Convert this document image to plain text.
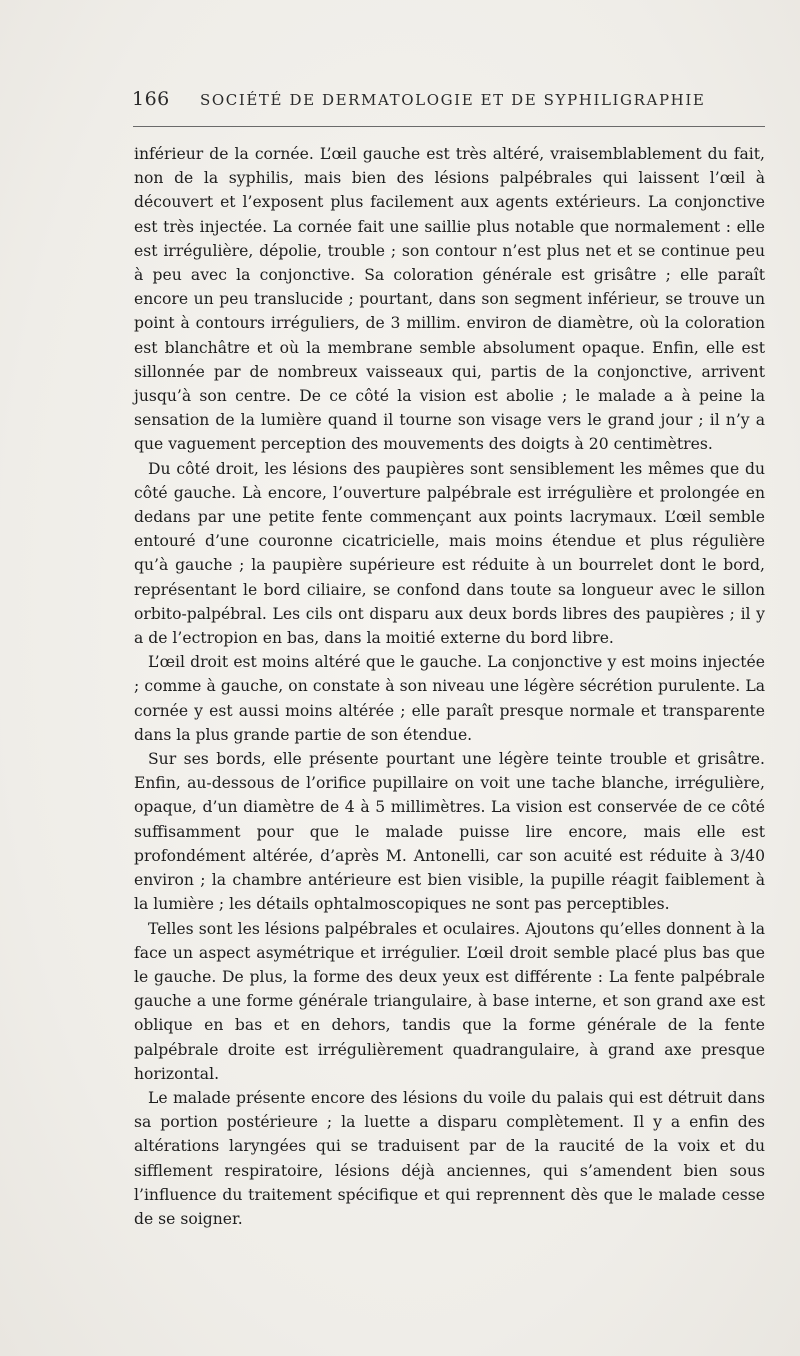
166 SOCIÉTÉ DE DERMATOLOGIE ET DE SYPHILIGRAPHIE

inférieur de la cornée. L’œil gauche est très altéré, vraisemblablement du fait, non de la syphilis, mais bien des lésions palpébrales qui laissent l’œil à découvert et l’exposent plus facilement aux agents extérieurs. La conjonctive est très injectée. La cornée fait une saillie plus notable que normalement : elle est irrégulière, dépolie, trouble ; son contour n’est plus net et se continue peu à peu avec la conjonctive. Sa coloration générale est grisâtre ; elle paraît encore un peu translucide ; pourtant, dans son segment inférieur, se trouve un point à contours irréguliers, de 3 millim. environ de diamètre, où la coloration est blanchâtre et où la membrane semble absolument opaque. Enfin, elle est sillonnée par de nombreux vaisseaux qui, partis de la conjonctive, arrivent jusqu’à son centre. De ce côté la vision est abolie ; le malade a à peine la sensation de la lumière quand il tourne son visage vers le grand jour ; il n’y a que vaguement perception des mouvements des doigts à 20 centimètres.

Du côté droit, les lésions des paupières sont sensiblement les mêmes que du côté gauche. Là encore, l’ouverture palpébrale est irrégulière et prolongée en dedans par une petite fente commençant aux points lacrymaux. L’œil semble entouré d’une couronne cicatricielle, mais moins étendue et plus régulière qu’à gauche ; la paupière supérieure est réduite à un bourrelet dont le bord, représentant le bord ciliaire, se confond dans toute sa longueur avec le sillon orbito-palpébral. Les cils ont disparu aux deux bords libres des paupières ; il y a de l’ectropion en bas, dans la moitié externe du bord libre.

L’œil droit est moins altéré que le gauche. La conjonctive y est moins injectée ; comme à gauche, on constate à son niveau une légère sécrétion purulente. La cornée y est aussi moins altérée ; elle paraît presque normale et transparente dans la plus grande partie de son étendue.

Sur ses bords, elle présente pourtant une légère teinte trouble et grisâtre. Enfin, au-dessous de l’orifice pupillaire on voit une tache blanche, irrégulière, opaque, d’un diamètre de 4 à 5 millimètres. La vision est conservée de ce côté suffisamment pour que le malade puisse lire encore, mais elle est profondément altérée, d’après M. Antonelli, car son acuité est réduite à 3/40 environ ; la chambre antérieure est bien visible, la pupille réagit faiblement à la lumière ; les détails ophtalmoscopiques ne sont pas perceptibles.

Telles sont les lésions palpébrales et oculaires. Ajoutons qu’elles donnent à la face un aspect asymétrique et irrégulier. L’œil droit semble placé plus bas que le gauche. De plus, la forme des deux yeux est différente : La fente palpébrale gauche a une forme générale triangulaire, à base interne, et son grand axe est oblique en bas et en dehors, tandis que la forme générale de la fente palpébrale droite est irrégulièrement quadrangulaire, à grand axe presque horizontal.

Le malade présente encore des lésions du voile du palais qui est détruit dans sa portion postérieure ; la luette a disparu complètement. Il y a enfin des altérations laryngées qui se traduisent par de la raucité de la voix et du sifflement respiratoire, lésions déjà anciennes, qui s’amendent bien sous l’influence du traitement spécifique et qui reprennent dès que le malade cesse de se soigner.
